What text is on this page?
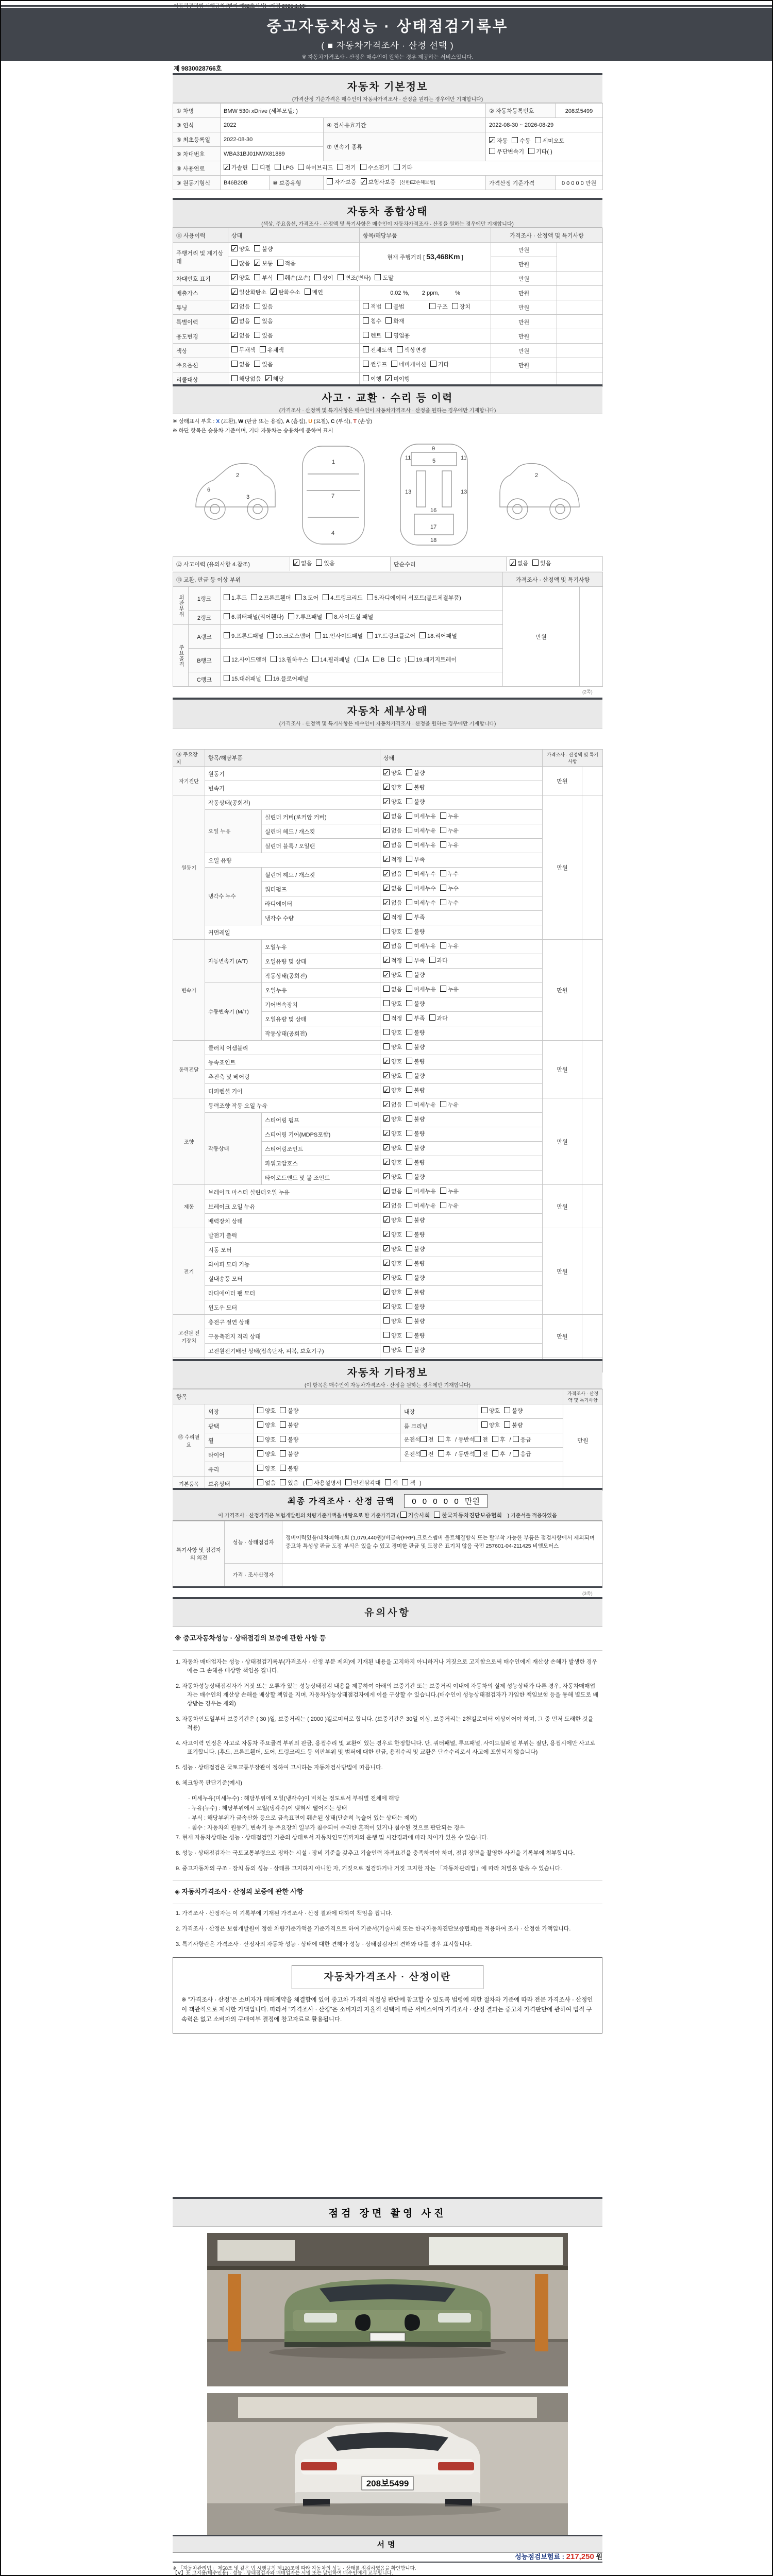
중고자동차성능 · 상태점검기록부
( ■ 자동차가격조사 · 산정 선택 )
※ 자동차가격조사 · 산정은 매수인이 원하는 경우 제공하는 서비스입니다.
제 9830028766호
자동차 기본정보
(가격산정 기준가격은 매수인이 자동차가격조사 · 산정을 원하는 경우에만 기재합니다)
① 차명	BMW 530i xDrive (세부모델: )			② 자동차등록번호	208보5499
③ 연식	2022		④ 검사유효기간	2022-08-30 ~ 2026-08-29	
⑤ 최초등록일	2022-08-30		⑦ 변속기 종류	✓자동 수동 세미오토무단변속기 기타( )
⑥ 차대번호	WBA31BJ01NWX81889				
⑧ 사용연료	✓가솔린 디젤 LPG 하이브리드 전기 수소전기 기타
⑨ 원동기형식	B46B20B	⑩ 보증유형	자가보증 ✓ 보험사보증 [신한EZ손해보험]	가격산정 기준가격	0 0 0 0 0 만원
자동차 종합상태
(색상, 주요옵션, 가격조사 · 산정액 및 특기사항은 매수인이 자동차가격조사 · 산정을 원하는 경우에만 기재합니다)
⑪ 사용이력	상태	항목/해당부품	가격조사 · 산정액 및 특기사항	
주행거리 및 계기상태	✓양호 불량	현재 주행거리 [ 53,468Km ]	만원	
	많음 ✓ 보통 적음		만원	
차대번호 표기	✓양호 부식 훼손(오손) 상이 변조(변타) 도말		만원	
배출가스	✓일산화탄소 ✓ 탄화수소 매연	0.02 %,        2 ppm,          %	만원	
튜닝	✓없음 있음	적법 불법 구조 장치	만원	
특별이력	✓없음 있음	침수 화재	만원	
용도변경	✓없음 있음	렌트 영업용	만원	
색상	무채색 유채색	전체도색 색상변경	만원	
주요옵션	없음 있음	썬루프 네비게이션 기타	만원	
리콜대상	해당없음 ✓ 해당	이행 ✓ 미이행		
사고 · 교환 · 수리 등 이력
(가격조사 · 산정액 및 특기사항은 매수인이 자동차가격조사 · 산정을 원하는 경우에만 기재합니다)
※ 상태표시 부호 : X (교환), W (판금 또는 용접), A (흠집), U (요철), C (부식), T (손상)
※ 하단 항목은 승용차 기준이며, 기타 자동차는 승용차에 준하여 표시
2
1
11	11
13	13
9
5
7
4
16
17
18
2
3
6
⑫ 사고이력 (유의사항 4.참조)	✓없음 있음	단순수리	✓없음 있음
⑬ 교환, 판금 등 이상 부위			가격조사 · 산정액 및 특기사항	
외판부위	1랭크	1.후드 2.프론트휀더 3.도어 4.트렁크리드 5.라디에이터 서포트(볼트체결부품)	만원	
	2랭크	6.쿼터패널(리어휀다) 7.루프패널 8.사이드실 패널		
주요골격	A랭크	9.프론트패널 10.크로스멤버 11.인사이드패널 17.트렁크플로어 18.리어패널		
	B랭크	12.사이드멤버 13.휠하우스 14.필러패널 ( A B C ) 19.패키지트레이		
	C랭크	15.대쉬패널 16.플로어패널		
(2쪽)
자동차 세부상태
(가격조사 · 산정액 및 특기사항은 매수인이 자동차가격조사 · 산정을 원하는 경우에만 기재합니다)
⑭ 주요장치	항목/해당부품		상태	가격조사 · 산정액 및 특기사항	
자기진단	원동기	✓양호 불량	만원	
	변속기	✓양호 불량
원동기	작동상태(공회전)	✓양호 불량	만원	
	오일 누유	실린더 커버(로커암 커버)	✓없음 미세누유 누유
		실린더 헤드 / 개스킷	✓없음 미세누유 누유
		실린더 블록 / 오일팬	✓없음 미세누유 누유
	오일 유량	✓적정 부족
	냉각수 누수	실린더 헤드 / 개스킷	✓없음 미세누수 누수
		워터펌프	✓없음 미세누수 누수
		라디에이터	✓없음 미세누수 누수
		냉각수 수량	✓적정 부족
	커먼레일		양호 불량		
변속기	자동변속기 (A/T)	오일누유	✓없음 미세누유 누유	만원	
		오일유량 및 상태	✓적정 부족 과다
		작동상태(공회전)	✓양호 불량
	수동변속기 (M/T)	오일누유	없음 미세누유 누유		
		기어변속장치	양호 불량		
		오일유량 및 상태	적정 부족 과다		
		작동상태(공회전)	양호 불량		
동력전달	클러치 어셈블리		양호 불량	만원	
	등속죠인트	✓양호 불량
	추진축 및 베어링	✓양호 불량
	디퍼렌셜 기어	✓양호 불량
조향	동력조향 작동 오일 누유	✓없음 미세누유 누유	만원	
	작동상태	스티어링 펌프	✓양호 불량
		스티어링 기어(MDPS포함)	✓양호 불량
		스티어링조인트	✓양호 불량
		파워고압호스	✓양호 불량
		타이로드엔드 및 볼 조인트	✓양호 불량
제동	브레이크 마스터 실린더오일 누유	✓없음 미세누유 누유	만원	
	브레이크 오일 누유	✓없음 미세누유 누유
	배력장치 상태	✓양호 불량
전기	발전기 출력	✓양호 불량	만원	
	시동 모터	✓양호 불량
	와이퍼 모터 기능	✓양호 불량
	실내송풍 모터	✓양호 불량
	라디에이터 팬 모터	✓양호 불량
	윈도우 모터	✓양호 불량
고전원 전기장치	충전구 절연 상태		양호 불량	만원	
	구동축전지 격리 상태		양호 불량		
	고전원전기배선 상태(접속단자, 피복, 보호기구)		양호 불량		
		✓		
자동차 기타정보
(이 항목은 매수인이 자동차가격조사 · 산정을 원하는 경우에만 기재합니다)
항목					가격조사 · 산정액 및 특기사항
⑮ 수리필요	외장	양호 불량	내장	양호 불량	만원
	광택	양호 불량	룸 크리닝	양호 불량	
	휠	양호 불량	운전석 전 후 / 동반석 전 후 / 응급		
	타이어	양호 불량	운전석 전 후 / 동반석 전 후 / 응급		
	유리	양호 불량			
기본품목	보유상태	없음 있음 ( 사용설명서 안전삼각대 잭 잭 )			
최종 가격조사 · 산정 금액 0 0 0 0 0 만원
이 가격조사 · 산정가격은 보험개발원의 차량기준가액을 바탕으로 한 기준가격과 ( 기술사회 한국자동차진단보증협회 ) 기준서를 적용하였음
특기사항 및 점검자의 의견	성능 · 상태점검자	정비이력있음/내차피해-1회 (1,079,440원)/비금속(FRP),크로스멤버 볼트체결방식 또는 탈부착 가능한 부품은 점검사항에서 제외되며 중고차 특성상 판금 도장 부식은 있을 수 있고 경미한 판금 및 도장은 표기치 않음 국민 257601-04-211425 비엠모터스
	가격 · 조사산정자	
(3쪽)
유의사항
※ 중고자동차성능 · 상태점검의 보증에 관한 사항 등
1. 자동차 매매업자는 성능 · 상태점검기록부(가격조사 · 산정 부분 제외)에 기재된 내용을 고지하지 아니하거나 거짓으로 고지함으로써 매수인에게 재산상 손해가 발생한 경우에는 그 손해를 배상할 책임을 집니다.
2. 자동차성능상태점검자가 거짓 또는 오류가 있는 성능상태점검 내용을 제공하여 아래의 보증기간 또는 보증거리 이내에 자동차의 실제 성능상태가 다른 경우, 자동차매매업자는 매수인의 재산상 손해를 배상할 책임을 지며, 자동차성능상태점검자에게 이를 구상할 수 있습니다.(매수인이 성능상태점검자가 가입한 책임보험 등을 통해 별도로 배상받는 경우는 제외)
3. 자동차인도일부터 보증기간은 ( 30 )일, 보증거리는 ( 2000 )킬로미터로 합니다. (보증기간은 30일 이상, 보증거리는 2천킬로미터 이상이어야 하며, 그 중 먼저 도래한 것을 적용)
4. 사고이력 인정은 사고로 자동차 주요골격 부위의 판금, 용접수리 및 교환이 있는 경우로 한정합니다. 단, 쿼터패널, 루프패널, 사이드실패널 부위는 절단, 용접시에만 사고로 표기합니다. (후드, 프론트휀더, 도어, 트렁크리드 등 외판부위 및 범퍼에 대한 판금, 용접수리 및 교환은 단순수리로서 사고에 포함되지 않습니다)
5. 성능 · 상태점검은 국토교통부장관이 정하여 고시하는 자동차검사방법에 따릅니다.
6. 체크항목 판단기준(예시)
· 미세누유(미세누수) : 해당부위에 오일(냉각수)이 비치는 정도로서 부위별 전체에 해당
· 누유(누수) : 해당부위에서 오일(냉각수)이 맺혀서 떨어지는 상태
· 부식 : 해당부위가 금속산화 등으로 금속표면이 훼손된 상태(단순히 녹슬어 있는 상태는 제외)
· 침수 : 자동차의 원동기, 변속기 등 주요장치 일부가 침수되어 수리한 흔적이 있거나 침수된 것으로 판단되는 경우
7. 현재 자동차상태는 성능 · 상태점검일 기준의 상태로서 자동차인도일까지의 운행 및 시간경과에 따라 차이가 있을 수 있습니다.
8. 성능 · 상태점검자는 국토교통부령으로 정하는 시설 · 장비 기준을 갖추고 기술인력 자격요건을 충족하여야 하며, 점검 장면을 촬영한 사진을 기록부에 첨부합니다.
9. 중고자동차의 구조 · 장치 등의 성능 · 상태를 고지하지 아니한 자, 거짓으로 점검하거나 거짓 고지한 자는 「자동차관리법」에 따라 처벌을 받을 수 있습니다.
◈ 자동차가격조사 · 산정의 보증에 관한 사항
1. 가격조사 · 산정자는 이 기록부에 기재된 가격조사 · 산정 결과에 대하여 책임을 집니다.
2. 가격조사 · 산정은 보험개발원이 정한 차량기준가액을 기준가격으로 하여 기준서(기술사회 또는 한국자동차진단보증협회)를 적용하여 조사 · 산정한 가액입니다.
3. 특기사항란은 가격조사 · 산정자의 자동차 성능 · 상태에 대한 견해가 성능 · 상태점검자의 견해와 다를 경우 표시합니다.
자동차가격조사 · 산정이란
※ “가격조사 · 산정”은 소비자가 매매계약을 체결함에 있어 중고차 가격의 적절성 판단에 참고할 수 있도록 법령에 의한 절차와 기준에 따라 전문 가격조사 · 산정인이 객관적으로 제시한 가액입니다. 따라서 “가격조사 · 산정”은 소비자의 자율적 선택에 따른 서비스이며 가격조사 · 산정 결과는 중고차 가격판단에 관하여 법적 구속력은 없고 소비자의 구매여부 결정에 참고자료로 활용됩니다.
점검 장면 촬영 사진
208보5499
서명
성능점검보험료 : 217,250 원
※ 「자동차관리법」 제58조 및 같은 법 시행규칙 제120조에 따라 자동차의 성능 · 상태를 점검하였음을 확인합니다.
【Ⅴ】표 고지용(매수인용) · 성능 · 상태점검자와 매매업자는 서명 또는 날인하여 매수인에게 교부합니다.
